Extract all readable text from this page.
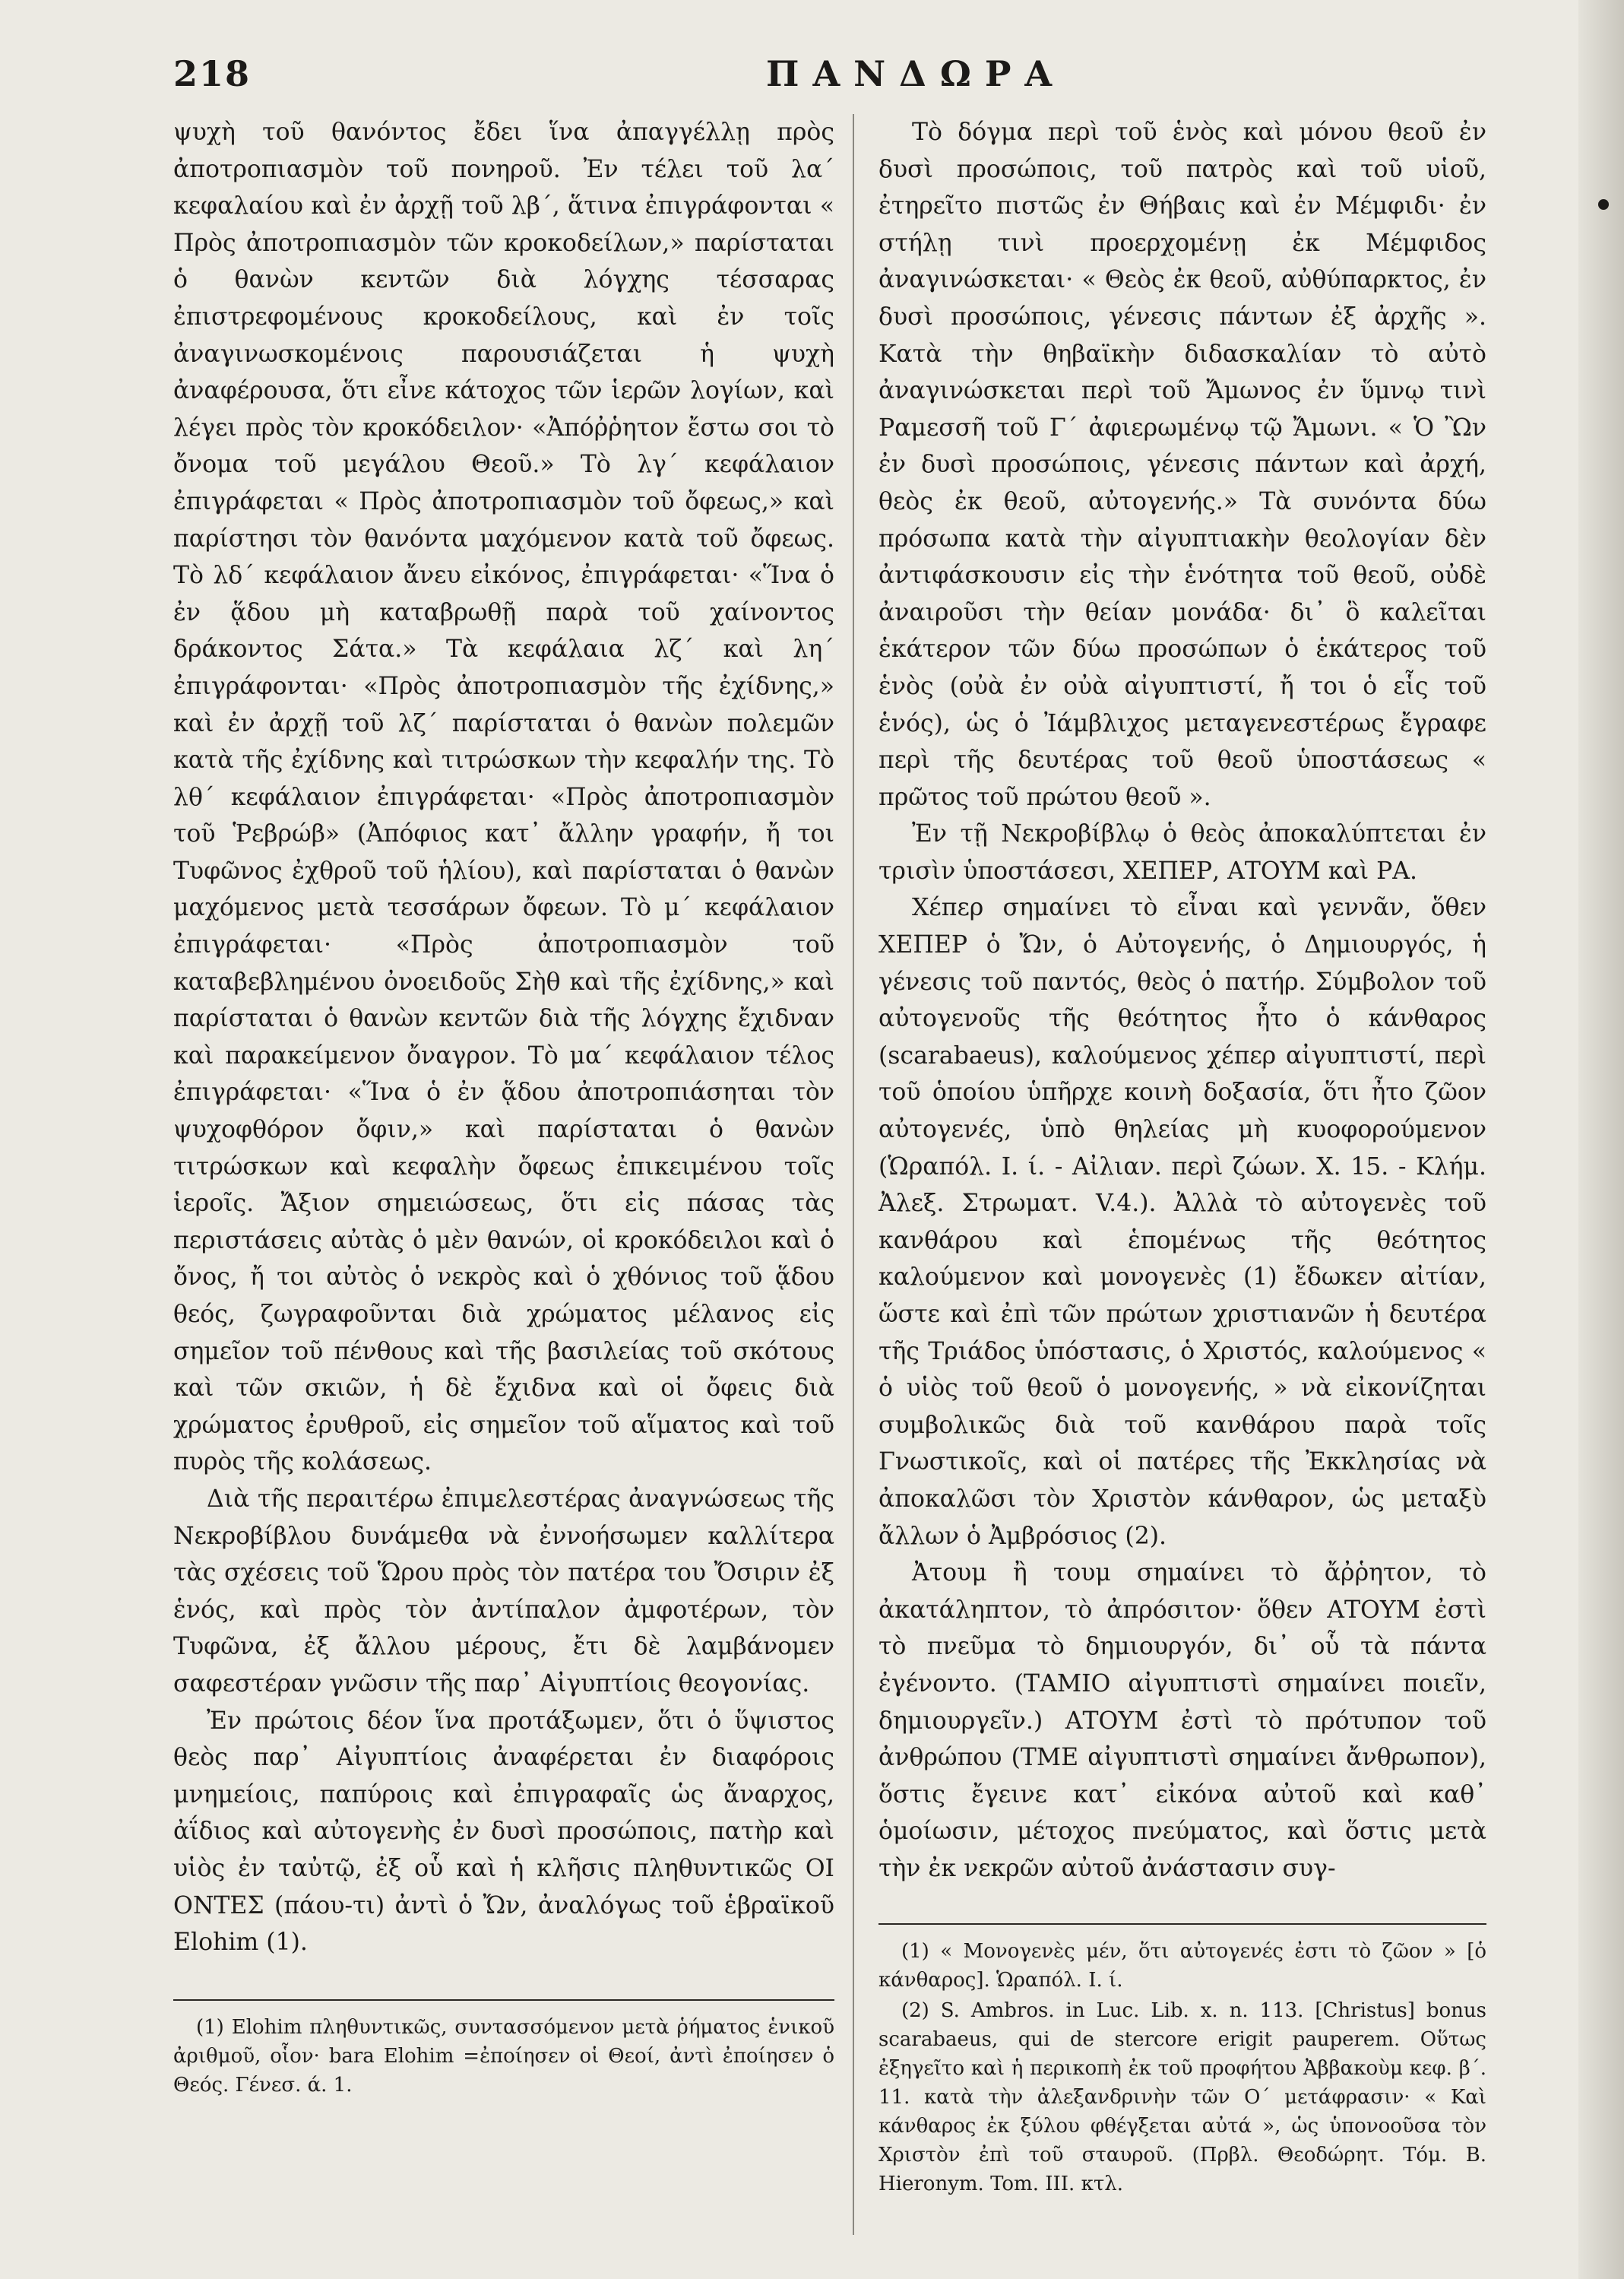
218	ΠΑΝΔΩΡΑ

ψυχὴ τοῦ θανόντος ἔδει ἵνα ἀπαγγέλλῃ πρὸς ἀποτροπιασμὸν τοῦ πονηροῦ. Ἐν τέλει τοῦ λα´ κεφαλαίου καὶ ἐν ἀρχῇ τοῦ λβ´, ἅτινα ἐπιγράφονται « Πρὸς ἀποτροπιασμὸν τῶν κροκοδείλων,» παρίσταται ὁ θανὼν κεντῶν διὰ λόγχης τέσσαρας ἐπιστρεφομένους κροκοδείλους, καὶ ἐν τοῖς ἀναγινωσκομένοις παρουσιάζεται ἡ ψυχὴ ἀναφέρουσα, ὅτι εἶνε κάτοχος τῶν ἱερῶν λογίων, καὶ λέγει πρὸς τὸν κροκόδειλον· «Ἀπόῤῥητον ἔστω σοι τὸ ὄνομα τοῦ μεγάλου Θεοῦ.» Τὸ λγ´ κεφάλαιον ἐπιγράφεται « Πρὸς ἀποτροπιασμὸν τοῦ ὄφεως,» καὶ παρίστησι τὸν θανόντα μαχόμενον κατὰ τοῦ ὄφεως. Τὸ λδ´ κεφάλαιον ἄνευ εἰκόνος, ἐπιγράφεται· «Ἵνα ὁ ἐν ᾅδου μὴ καταβρωθῇ παρὰ τοῦ χαίνοντος δράκοντος Σάτα.» Τὰ κεφάλαια λζ´ καὶ λη´ ἐπιγράφονται· «Πρὸς ἀποτροπιασμὸν τῆς ἐχίδνης,» καὶ ἐν ἀρχῇ τοῦ λζ´ παρίσταται ὁ θανὼν πολεμῶν κατὰ τῆς ἐχίδνης καὶ τιτρώσκων τὴν κεφαλήν της. Τὸ λθ´ κεφάλαιον ἐπιγράφεται· «Πρὸς ἀποτροπιασμὸν τοῦ Ῥεβρώβ» (Ἀπόφιος κατ᾽ ἄλλην γραφήν, ἤ τοι Τυφῶνος ἐχθροῦ τοῦ ἡλίου), καὶ παρίσταται ὁ θανὼν μαχόμενος μετὰ τεσσάρων ὄφεων. Τὸ μ´ κεφάλαιον ἐπιγράφεται· «Πρὸς ἀποτροπιασμὸν τοῦ καταβεβλημένου ὀνοειδοῦς Σὴθ καὶ τῆς ἐχίδνης,» καὶ παρίσταται ὁ θανὼν κεντῶν διὰ τῆς λόγχης ἔχιδναν καὶ παρακείμενον ὄναγρον. Τὸ μα´ κεφάλαιον τέλος ἐπιγράφεται· «Ἵνα ὁ ἐν ᾅδου ἀποτροπιάσηται τὸν ψυχοφθόρον ὄφιν,» καὶ παρίσταται ὁ θανὼν τιτρώσκων καὶ κεφαλὴν ὄφεως ἐπικειμένου τοῖς ἱεροῖς. Ἄξιον σημειώσεως, ὅτι εἰς πάσας τὰς περιστάσεις αὐτὰς ὁ μὲν θανών, οἱ κροκόδειλοι καὶ ὁ ὄνος, ἤ τοι αὐτὸς ὁ νεκρὸς καὶ ὁ χθόνιος τοῦ ᾅδου θεός, ζωγραφοῦνται διὰ χρώματος μέλανος εἰς σημεῖον τοῦ πένθους καὶ τῆς βασιλείας τοῦ σκότους καὶ τῶν σκιῶν, ἡ δὲ ἔχιδνα καὶ οἱ ὄφεις διὰ χρώματος ἐρυθροῦ, εἰς σημεῖον τοῦ αἵματος καὶ τοῦ πυρὸς τῆς κολάσεως.

Διὰ τῆς περαιτέρω ἐπιμελεστέρας ἀναγνώσεως τῆς Νεκροβίβλου δυνάμεθα νὰ ἐννοήσωμεν καλλίτερα τὰς σχέσεις τοῦ Ὥρου πρὸς τὸν πατέρα του Ὄσιριν ἐξ ἑνός, καὶ πρὸς τὸν ἀντίπαλον ἀμφοτέρων, τὸν Τυφῶνα, ἐξ ἄλλου μέρους, ἔτι δὲ λαμβάνομεν σαφεστέραν γνῶσιν τῆς παρ᾽ Αἰγυπτίοις θεογονίας.

Ἐν πρώτοις δέον ἵνα προτάξωμεν, ὅτι ὁ ὕψιστος θεὸς παρ᾽ Αἰγυπτίοις ἀναφέρεται ἐν διαφόροις μνημείοις, παπύροις καὶ ἐπιγραφαῖς ὡς ἄναρχος, ἀΐδιος καὶ αὐτογενὴς ἐν δυσὶ προσώποις, πατὴρ καὶ υἱὸς ἐν ταὐτῷ, ἐξ οὗ καὶ ἡ κλῆσις πληθυντικῶς ΟΙ ΟΝΤΕΣ (πάου-τι) ἀντὶ ὁ Ὤν, ἀναλόγως τοῦ ἑβραϊκοῦ Elohim (1).

Τὸ δόγμα περὶ τοῦ ἑνὸς καὶ μόνου θεοῦ ἐν δυσὶ προσώποις, τοῦ πατρὸς καὶ τοῦ υἱοῦ, ἐτηρεῖτο πιστῶς ἐν Θήβαις καὶ ἐν Μέμφιδι· ἐν στήλῃ τινὶ προερχομένῃ ἐκ Μέμφιδος ἀναγινώσκεται· « Θεὸς ἐκ θεοῦ, αὐθύπαρκτος, ἐν δυσὶ προσώποις, γένεσις πάντων ἐξ ἀρχῆς ». Κατὰ τὴν θηβαϊκὴν διδασκαλίαν τὸ αὐτὸ ἀναγινώσκεται περὶ τοῦ Ἄμωνος ἐν ὕμνῳ τινὶ Ραμεσσῆ τοῦ Γ´ ἀφιερωμένῳ τῷ Ἄμωνι. « Ὁ Ὢν ἐν δυσὶ προσώποις, γένεσις πάντων καὶ ἀρχή, θεὸς ἐκ θεοῦ, αὐτογενής.» Τὰ συνόντα δύω πρόσωπα κατὰ τὴν αἰγυπτιακὴν θεολογίαν δὲν ἀντιφάσκουσιν εἰς τὴν ἑνότητα τοῦ θεοῦ, οὐδὲ ἀναιροῦσι τὴν θείαν μονάδα· δι᾽ ὃ καλεῖται ἑκάτερον τῶν δύω προσώπων ὁ ἑκάτερος τοῦ ἑνὸς (οὐὰ ἐν οὐὰ αἰγυπτιστί, ἤ τοι ὁ εἷς τοῦ ἑνός), ὡς ὁ Ἰάμβλιχος μεταγενεστέρως ἔγραφε περὶ τῆς δευτέρας τοῦ θεοῦ ὑποστάσεως « πρῶτος τοῦ πρώτου θεοῦ ».

Ἐν τῇ Νεκροβίβλῳ ὁ θεὸς ἀποκαλύπτεται ἐν τρισὶν ὑποστάσεσι, ΧΕΠΕΡ, ΑΤΟΥΜ καὶ ΡΑ.

Χέπερ σημαίνει τὸ εἶναι καὶ γεννᾶν, ὅθεν ΧΕΠΕΡ ὁ Ὤν, ὁ Αὐτογενής, ὁ Δημιουργός, ἡ γένεσις τοῦ παντός, θεὸς ὁ πατήρ. Σύμβολον τοῦ αὐτογενοῦς τῆς θεότητος ἦτο ὁ κάνθαρος (scarabaeus), καλούμενος χέπερ αἰγυπτιστί, περὶ τοῦ ὁποίου ὑπῆρχε κοινὴ δοξασία, ὅτι ἦτο ζῶον αὐτογενές, ὑπὸ θηλείας μὴ κυοφορούμενον (Ὡραπόλ. I. ί. - Αἰλιαν. περὶ ζώων. Χ. 15. - Κλήμ. Ἀλεξ. Στρωματ. V.4.). Ἀλλὰ τὸ αὐτογενὲς τοῦ κανθάρου καὶ ἑπομένως τῆς θεότητος καλούμενον καὶ μονογενὲς (1) ἔδωκεν αἰτίαν, ὥστε καὶ ἐπὶ τῶν πρώτων χριστιανῶν ἡ δευτέρα τῆς Τριάδος ὑπόστασις, ὁ Χριστός, καλούμενος « ὁ υἱὸς τοῦ θεοῦ ὁ μονογενής, » νὰ εἰκονίζηται συμβολικῶς διὰ τοῦ κανθάρου παρὰ τοῖς Γνωστικοῖς, καὶ οἱ πατέρες τῆς Ἐκκλησίας νὰ ἀποκαλῶσι τὸν Χριστὸν κάνθαρον, ὡς μεταξὺ ἄλλων ὁ Ἀμβρόσιος (2).

Ἀτουμ ἢ τουμ σημαίνει τὸ ἄῤῥητον, τὸ ἀκατάληπτον, τὸ ἀπρόσιτον· ὅθεν ΑΤΟΥΜ ἐστὶ τὸ πνεῦμα τὸ δημιουργόν, δι᾽ οὗ τὰ πάντα ἐγένοντο. (ΤΑΜΙΟ αἰγυπτιστὶ σημαίνει ποιεῖν, δημιουργεῖν.) ΑΤΟΥΜ ἐστὶ τὸ πρότυπον τοῦ ἀνθρώπου (ΤΜΕ αἰγυπτιστὶ σημαίνει ἄνθρωπον), ὅστις ἔγεινε κατ᾽ εἰκόνα αὐτοῦ καὶ καθ᾽ ὁμοίωσιν, μέτοχος πνεύματος, καὶ ὅστις μετὰ τὴν ἐκ νεκρῶν αὐτοῦ ἀνάστασιν συγ-

(1) Elohim πληθυντικῶς, συντασσόμενον μετὰ ῥήματος ἑνικοῦ ἀριθμοῦ, οἷον· bara Elohim =ἐποίησεν οἱ Θεοί, ἀντὶ ἐποίησεν ὁ Θεός. Γένεσ. ά. 1.

(1) « Μονογενὲς μέν, ὅτι αὐτογενές ἐστι τὸ ζῶον » [ὁ κάνθαρος]. Ὡραπόλ. I. ί.

(2) S. Ambros. in Luc. Lib. x. n. 113. [Christus] bonus scarabaeus, qui de stercore erigit pauperem. Οὕτως ἐξηγεῖτο καὶ ἡ περικοπὴ ἐκ τοῦ προφήτου Ἀββακοὺμ κεφ. β´. 11. κατὰ τὴν ἀλεξανδρινὴν τῶν Ο´ μετάφρασιν· « Καὶ κάνθαρος ἐκ ξύλου φθέγξεται αὐτά », ὡς ὑπονοοῦσα τὸν Χριστὸν ἐπὶ τοῦ σταυροῦ. (Πρβλ. Θεοδώρητ. Τόμ. Β. Hieronym. Tom. III. κτλ.
